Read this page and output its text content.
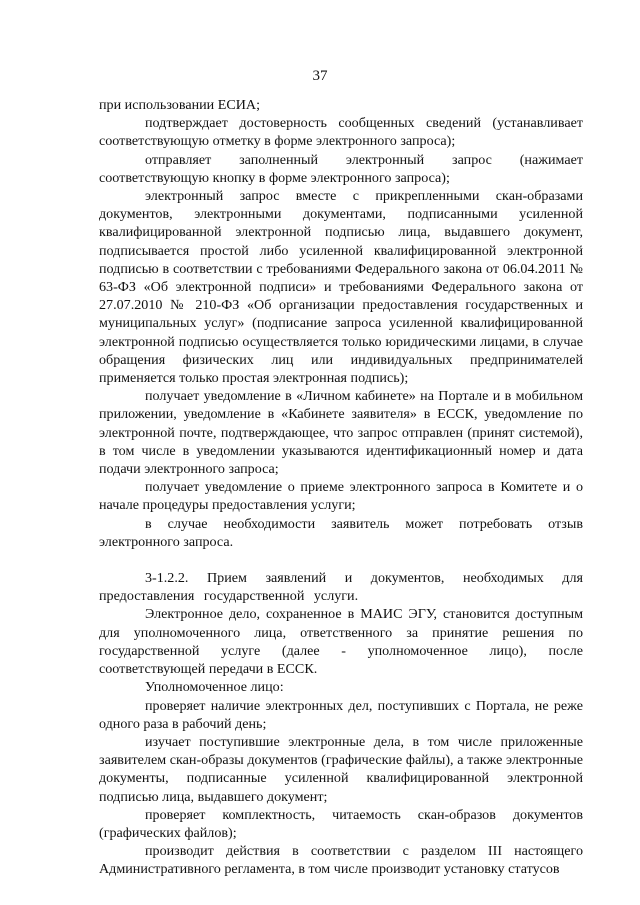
37

при использовании ЕСИА;

подтверждает достоверность сообщенных сведений (устанавливает соответствующую отметку в форме электронного запроса);

отправляет заполненный электронный запрос (нажимает соответствующую кнопку в форме электронного запроса);

электронный запрос вместе с прикрепленными скан-образами документов, электронными документами, подписанными усиленной квалифицированной электронной подписью лица, выдавшего документ, подписывается простой либо усиленной квалифицированной электронной подписью в соответствии с требованиями Федерального закона от 06.04.2011 № 63-ФЗ «Об электронной подписи» и требованиями Федерального закона от 27.07.2010 № 210-ФЗ «Об организации предоставления государственных и муниципальных услуг» (подписание запроса усиленной квалифицированной электронной подписью осуществляется только юридическими лицами, в случае обращения физических лиц или индивидуальных предпринимателей применяется только простая электронная подпись);

получает уведомление в «Личном кабинете» на Портале и в мобильном приложении, уведомление в «Кабинете заявителя» в ЕССК, уведомление по электронной почте, подтверждающее, что запрос отправлен (принят системой), в том числе в уведомлении указываются идентификационный номер и дата подачи электронного запроса;

получает уведомление о приеме электронного запроса в Комитете и о начале процедуры предоставления услуги;

в случае необходимости заявитель может потребовать отзыв электронного запроса.

3-1.2.2. Прием заявлений и документов, необходимых для предоставления государственной услуги.

Электронное дело, сохраненное в МАИС ЭГУ, становится доступным для уполномоченного лица, ответственного за принятие решения по государственной услуге (далее - уполномоченное лицо), после соответствующей передачи в ЕССК.

Уполномоченное лицо:

проверяет наличие электронных дел, поступивших с Портала, не реже одного раза в рабочий день;

изучает поступившие электронные дела, в том числе приложенные заявителем скан-образы документов (графические файлы), а также электронные документы, подписанные усиленной квалифицированной электронной подписью лица, выдавшего документ;

проверяет комплектность, читаемость скан-образов документов (графических файлов);

производит действия в соответствии с разделом III настоящего Административного регламента, в том числе производит установку статусов
